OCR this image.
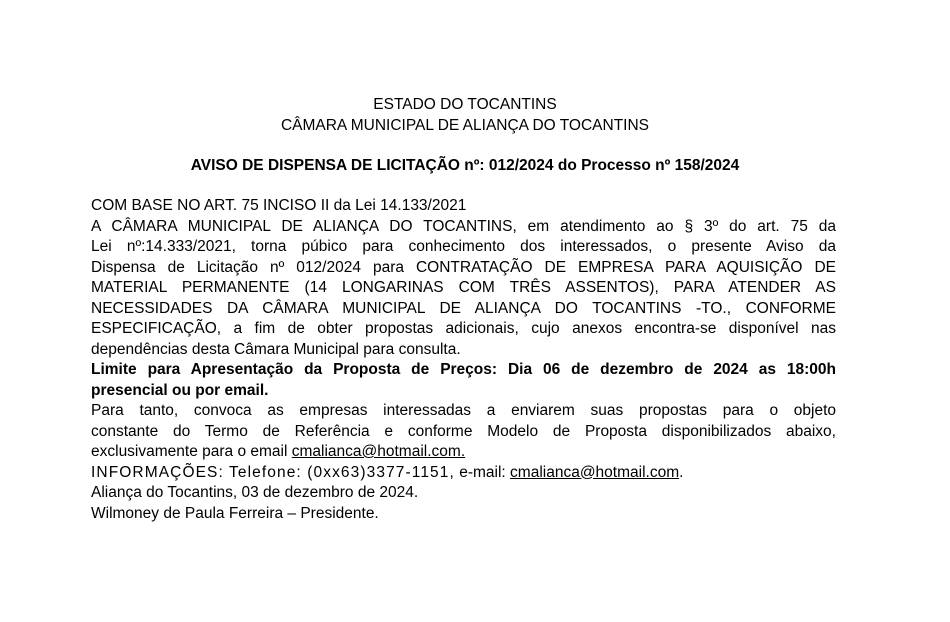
ESTADO DO TOCANTINS
CÂMARA MUNICIPAL DE ALIANÇA DO TOCANTINS
AVISO DE DISPENSA DE LICITAÇÃO nº: 012/2024 do Processo nº 158/2024
COM BASE NO ART. 75 INCISO II da Lei 14.133/2021
A CÂMARA MUNICIPAL DE ALIANÇA DO TOCANTINS, em atendimento ao § 3º do art. 75 da
Lei nº:14.333/2021, torna púbico para conhecimento dos interessados, o presente Aviso da
Dispensa de Licitação nº 012/2024 para CONTRATAÇÃO DE EMPRESA PARA AQUISIÇÃO DE
MATERIAL PERMANENTE (14 LONGARINAS COM TRÊS ASSENTOS), PARA ATENDER AS
NECESSIDADES DA CÂMARA MUNICIPAL DE ALIANÇA DO TOCANTINS -TO., CONFORME
ESPECIFICAÇÃO, a fim de obter propostas adicionais, cujo anexos encontra-se disponível nas
dependências desta Câmara Municipal para consulta.
Limite para Apresentação da Proposta de Preços: Dia 06 de dezembro de 2024 as 18:00h
presencial ou por email.
Para tanto, convoca as empresas interessadas a enviarem suas propostas para o objeto
constante do Termo de Referência e conforme Modelo de Proposta disponibilizados abaixo,
exclusivamente para o email cmalianca@hotmail.com.
INFORMAÇÕES: Telefone: (0xx63)3377-1151, e-mail: cmalianca@hotmail.com.
Aliança do Tocantins, 03 de dezembro de 2024.
Wilmoney de Paula Ferreira – Presidente.
